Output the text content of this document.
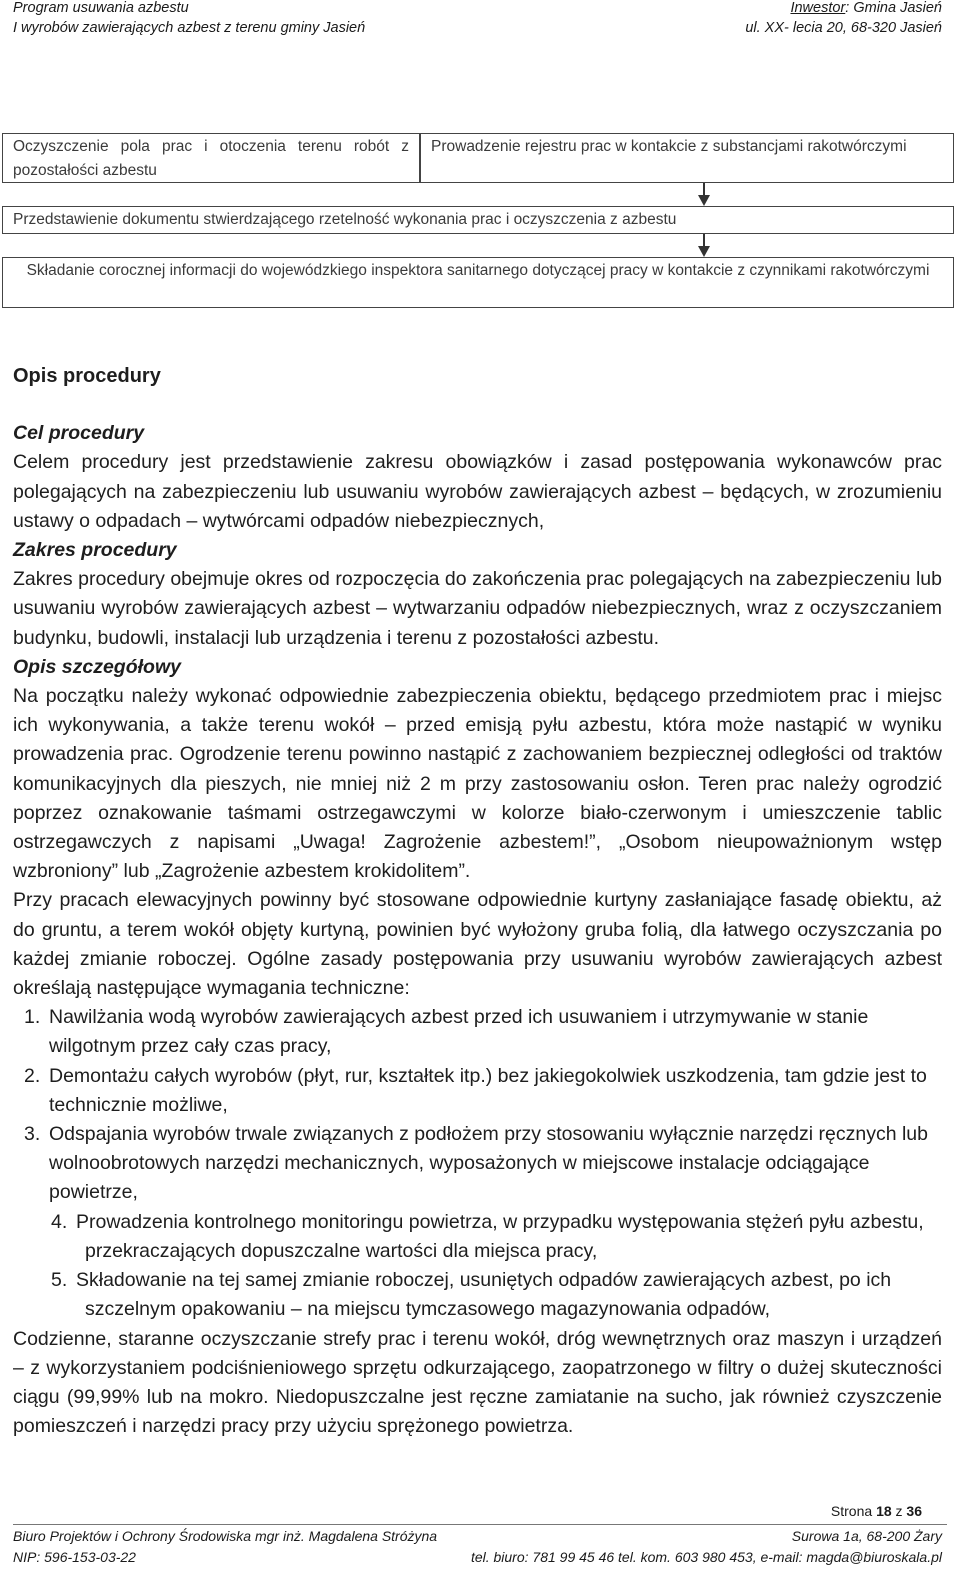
Program usuwania azbestu
I wyrobów zawierających azbest z terenu gminy Jasień
Inwestor: Gmina Jasień
ul. XX- lecia 20, 68-320 Jasień
Oczyszczenie pola prac i otoczenia terenu robót z pozostałości azbestu
Prowadzenie rejestru prac w kontakcie z substancjami rakotwórczymi
Przedstawienie dokumentu stwierdzającego rzetelność wykonania prac i oczyszczenia z azbestu
Składanie corocznej informacji do wojewódzkiego inspektora sanitarnego dotyczącej pracy w kontakcie z czynnikami rakotwórczymi
Opis procedury
Cel procedury

Celem procedury jest przedstawienie zakresu obowiązków i zasad postępowania wykonawców prac polegających na zabezpieczeniu lub usuwaniu wyrobów zawierających azbest – będących, w zrozumieniu ustawy o odpadach – wytwórcami odpadów niebezpiecznych,

Zakres procedury

Zakres procedury obejmuje okres od rozpoczęcia do zakończenia prac polegających na zabezpieczeniu lub usuwaniu wyrobów zawierających azbest – wytwarzaniu odpadów niebezpiecznych, wraz z oczyszczaniem budynku, budowli, instalacji lub urządzenia i terenu z pozostałości azbestu.

Opis szczegółowy

Na początku należy wykonać odpowiednie zabezpieczenia obiektu, będącego przedmiotem prac i miejsc ich wykonywania, a także terenu wokół – przed emisją pyłu azbestu, która może nastąpić w wyniku prowadzenia prac. Ogrodzenie terenu powinno nastąpić z zachowaniem bezpiecznej odległości od traktów komunikacyjnych dla pieszych, nie mniej niż 2 m przy zastosowaniu osłon. Teren prac należy ogrodzić poprzez oznakowanie taśmami ostrzegawczymi w kolorze biało-czerwonym i umieszczenie tablic ostrzegawczych z napisami „Uwaga! Zagrożenie azbestem!”, „Osobom nieupoważnionym wstęp wzbroniony” lub „Zagrożenie azbestem krokidolitem”.

Przy pracach elewacyjnych powinny być stosowane odpowiednie kurtyny zasłaniające fasadę obiektu, aż do gruntu, a terem wokół objęty kurtyną, powinien być wyłożony gruba folią, dla łatwego oczyszczania po każdej zmianie roboczej. Ogólne zasady postępowania przy usuwaniu wyrobów zawierających azbest określają następujące wymagania techniczne:

1. Nawilżania wodą wyrobów zawierających azbest przed ich usuwaniem i utrzymywanie w stanie wilgotnym przez cały czas pracy,

2. Demontażu całych wyrobów (płyt, rur, kształtek itp.) bez jakiegokolwiek uszkodzenia, tam gdzie jest to technicznie możliwe,

3. Odspajania wyrobów trwale związanych z podłożem przy stosowaniu wyłącznie narzędzi ręcznych lub wolnoobrotowych narzędzi mechanicznych, wyposażonych w miejscowe instalacje odciągające powietrze,

4. Prowadzenia kontrolnego monitoringu powietrza, w przypadku występowania stężeń pyłu azbestu, przekraczających dopuszczalne wartości dla miejsca pracy,

5. Składowanie na tej samej zmianie roboczej, usuniętych odpadów zawierających azbest, po ich szczelnym opakowaniu – na miejscu tymczasowego magazynowania odpadów,

Codzienne, staranne oczyszczanie strefy prac i terenu wokół, dróg wewnętrznych oraz maszyn i urządzeń – z wykorzystaniem podciśnieniowego sprzętu odkurzającego, zaopatrzonego w filtry o dużej skuteczności ciągu (99,99% lub na mokro. Niedopuszczalne jest ręczne zamiatanie na sucho, jak również czyszczenie pomieszczeń i narzędzi pracy przy użyciu sprężonego powietrza.

Strona 18 z 36
Biuro Projektów i Ochrony Środowiska mgr inż. Magdalena Stróżyna	Surowa 1a, 68-200 Żary
NIP: 596-153-03-22	tel. biuro: 781 99 45 46 tel. kom. 603 980 453, e-mail: magda@biuroskala.pl
